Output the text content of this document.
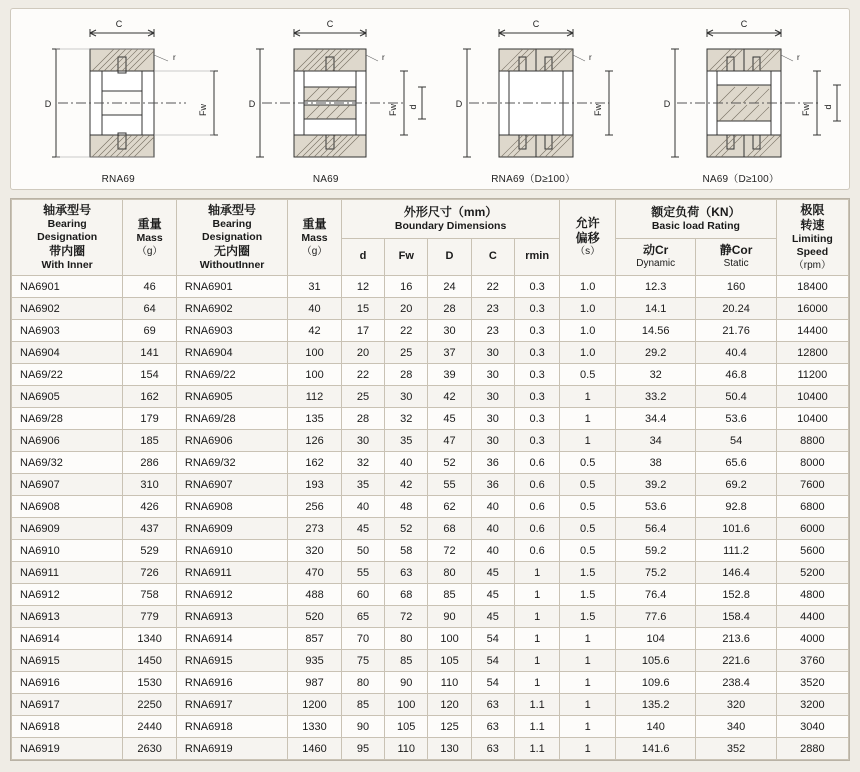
C
D	Fw
r
RNA69
C
D	Fw d
r
NA69
C
D	Fw
r
RNA69（D≥100）
C
D	Fw d
r
NA69（D≥100）
轴承型号
Bearing
Designation
带内圈
With Inner	重量
Mass
（g）	轴承型号
Bearing
Designation
无内圈
WithoutInner	重量
Mass
（g）	外形尺寸（mm）
Boundary Dimensions					允许
偏移
（s）	额定负荷（KN）
Basic load Rating		极限
转速
Limiting
Speed
（rpm）

				d	Fw	D	C	rmin		动Cr
Dynamic	静Cor
Static	

NA6901	46	RNA6901	31	12	16	24	22	0.3	1.0	12.3	160	18400
NA6902	64	RNA6902	40	15	20	28	23	0.3	1.0	14.1	20.24	16000
NA6903	69	RNA6903	42	17	22	30	23	0.3	1.0	14.56	21.76	14400
NA6904	141	RNA6904	100	20	25	37	30	0.3	1.0	29.2	40.4	12800
NA69/22	154	RNA69/22	100	22	28	39	30	0.3	0.5	32	46.8	11200
NA6905	162	RNA6905	112	25	30	42	30	0.3	1	33.2	50.4	10400
NA69/28	179	RNA69/28	135	28	32	45	30	0.3	1	34.4	53.6	10400
NA6906	185	RNA6906	126	30	35	47	30	0.3	1	34	54	8800
NA69/32	286	RNA69/32	162	32	40	52	36	0.6	0.5	38	65.6	8000
NA6907	310	RNA6907	193	35	42	55	36	0.6	0.5	39.2	69.2	7600
NA6908	426	RNA6908	256	40	48	62	40	0.6	0.5	53.6	92.8	6800
NA6909	437	RNA6909	273	45	52	68	40	0.6	0.5	56.4	101.6	6000
NA6910	529	RNA6910	320	50	58	72	40	0.6	0.5	59.2	111.2	5600
NA6911	726	RNA6911	470	55	63	80	45	1	1.5	75.2	146.4	5200
NA6912	758	RNA6912	488	60	68	85	45	1	1.5	76.4	152.8	4800
NA6913	779	RNA6913	520	65	72	90	45	1	1.5	77.6	158.4	4400
NA6914	1340	RNA6914	857	70	80	100	54	1	1	104	213.6	4000
NA6915	1450	RNA6915	935	75	85	105	54	1	1	105.6	221.6	3760
NA6916	1530	RNA6916	987	80	90	110	54	1	1	109.6	238.4	3520
NA6917	2250	RNA6917	1200	85	100	120	63	1.1	1	135.2	320	3200
NA6918	2440	RNA6918	1330	90	105	125	63	1.1	1	140	340	3040
NA6919	2630	RNA6919	1460	95	110	130	63	1.1	1	141.6	352	2880
